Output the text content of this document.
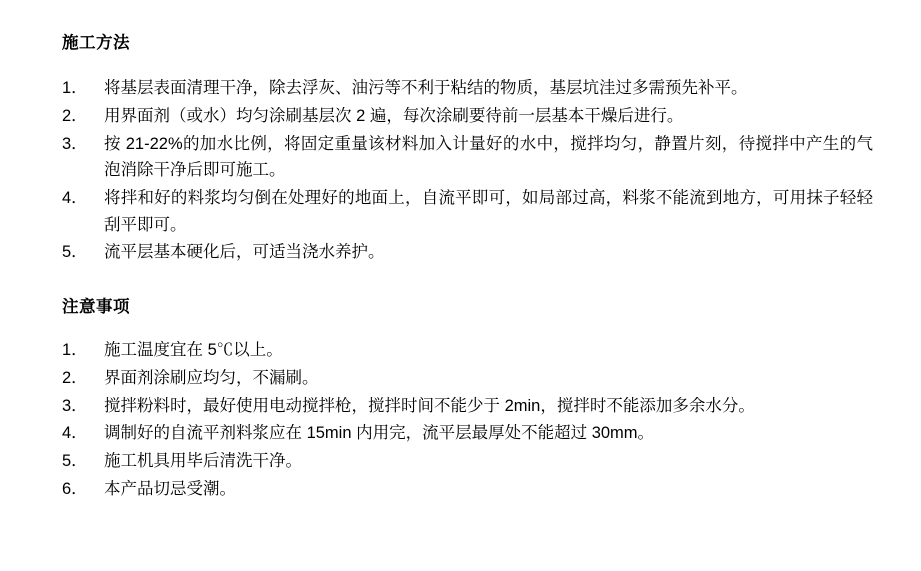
施工方法
1． 将基层表面清理干净，除去浮灰、油污等不利于粘结的物质，基层坑洼过多需预先补平。
2． 用界面剂（或水）均匀涂刷基层次 2 遍，每次涂刷要待前一层基本干燥后进行。
3． 按 21-22%的加水比例，将固定重量该材料加入计量好的水中，搅拌均匀，静置片刻，待搅拌中产生的气泡消除干净后即可施工。
4． 将拌和好的料浆均匀倒在处理好的地面上，自流平即可，如局部过高，料浆不能流到地方，可用抹子轻轻刮平即可。
5． 流平层基本硬化后，可适当浇水养护。
注意事项
1． 施工温度宜在 5℃以上。
2． 界面剂涂刷应均匀，不漏刷。
3． 搅拌粉料时，最好使用电动搅拌枪，搅拌时间不能少于 2min，搅拌时不能添加多余水分。
4． 调制好的自流平剂料浆应在 15min 内用完，流平层最厚处不能超过 30mm。
5． 施工机具用毕后清洗干净。
6． 本产品切忌受潮。
